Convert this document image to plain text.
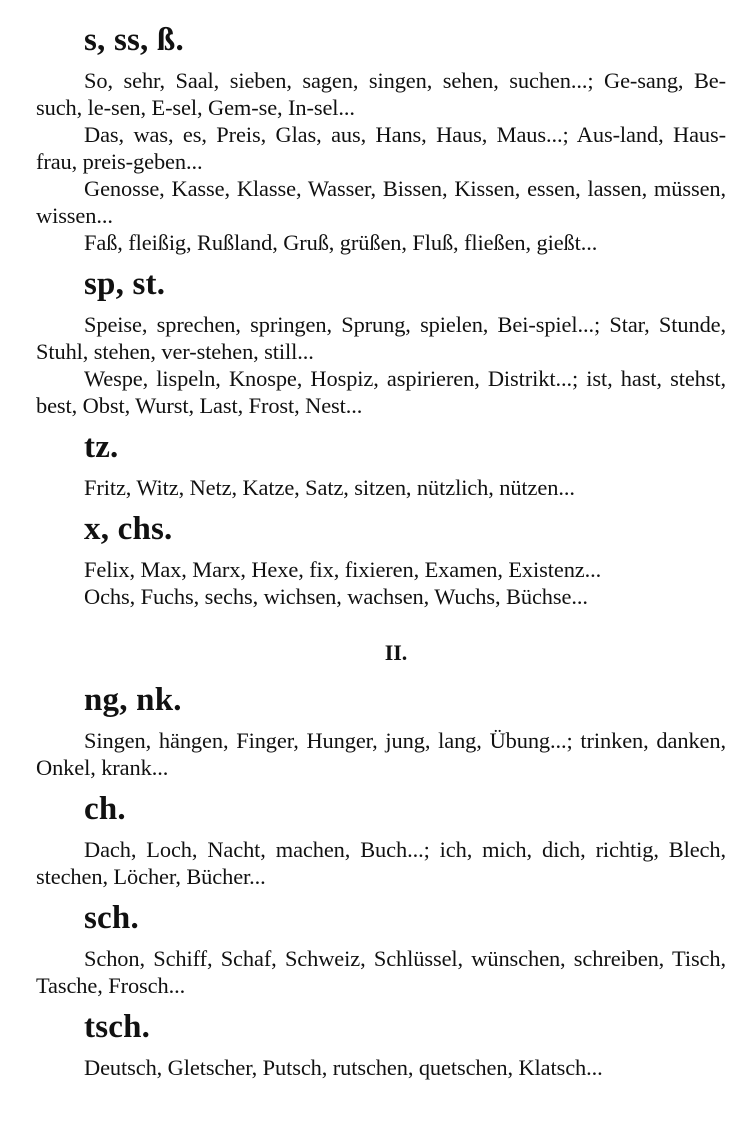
s, ss, ß.

So, sehr, Saal, sieben, sagen, singen, sehen, suchen...; Ge-sang, Be-such, le-sen, E-sel, Gem-se, In-sel...

Das, was, es, Preis, Glas, aus, Hans, Haus, Maus...; Aus-land, Haus-frau, preis-geben...

Genosse, Kasse, Klasse, Wasser, Bissen, Kissen, essen, lassen, müssen, wissen...

Faß, fleißig, Rußland, Gruß, grüßen, Fluß, fließen, gießt...

sp, st.

Speise, sprechen, springen, Sprung, spielen, Bei-spiel...; Star, Stunde, Stuhl, stehen, ver-stehen, still...

Wespe, lispeln, Knospe, Hospiz, aspirieren, Distrikt...; ist, hast, stehst, best, Obst, Wurst, Last, Frost, Nest...

tz.

Fritz, Witz, Netz, Katze, Satz, sitzen, nützlich, nützen...

x, chs.

Felix, Max, Marx, Hexe, fix, fixieren, Examen, Existenz...

Ochs, Fuchs, sechs, wichsen, wachsen, Wuchs, Büchse...

II.

ng, nk.

Singen, hängen, Finger, Hunger, jung, lang, Übung...; trinken, danken, Onkel, krank...

ch.

Dach, Loch, Nacht, machen, Buch...; ich, mich, dich, richtig, Blech, stechen, Löcher, Bücher...

sch.

Schon, Schiff, Schaf, Schweiz, Schlüssel, wünschen, schreiben, Tisch, Tasche, Frosch...

tsch.

Deutsch, Gletscher, Putsch, rutschen, quetschen, Klatsch...
